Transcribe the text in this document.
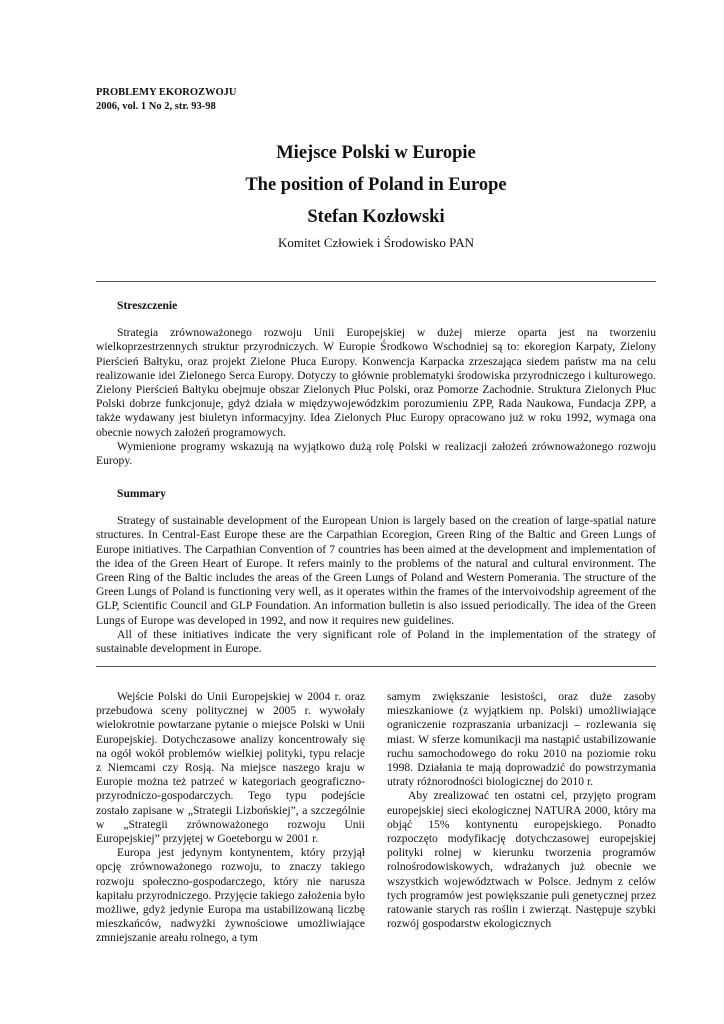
PROBLEMY EKOROZWOJU
2006, vol. 1 No 2, str. 93-98
Miejsce Polski w Europie
The position of Poland in Europe
Stefan Kozłowski
Komitet Człowiek i Środowisko PAN
Streszczenie

Strategia zrównoważonego rozwoju Unii Europejskiej w dużej mierze oparta jest na tworzeniu wielkoprzestrzennych struktur przyrodniczych. W Europie Środkowo Wschodniej są to: ekoregion Karpaty, Zielony Pierścień Bałtyku, oraz projekt Zielone Płuca Europy. Konwencja Karpacka zrzeszająca siedem państw ma na celu realizowanie idei Zielonego Serca Europy. Dotyczy to głównie problematyki środowiska przyrodniczego i kulturowego. Zielony Pierścień Bałtyku obejmuje obszar Zielonych Płuc Polski, oraz Pomorze Zachodnie. Struktura Zielonych Płuc Polski dobrze funkcjonuje, gdyż działa w międzywojewódzkim porozumieniu ZPP, Rada Naukowa, Fundacja ZPP, a także wydawany jest biuletyn informacyjny. Idea Zielonych Płuc Europy opracowano już w roku 1992, wymaga ona obecnie nowych założeń programowych.

Wymienione programy wskazują na wyjątkowo dużą rolę Polski w realizacji założeń zrównoważonego rozwoju Europy.

Summary

Strategy of sustainable development of the European Union is largely based on the creation of large-spatial nature structures. In Central-East Europe these are the Carpathian Ecoregion, Green Ring of the Baltic and Green Lungs of Europe initiatives. The Carpathian Convention of 7 countries has been aimed at the development and implementation of the idea of the Green Heart of Europe. It refers mainly to the problems of the natural and cultural environment. The Green Ring of the Baltic includes the areas of the Green Lungs of Poland and Western Pomerania. The structure of the Green Lungs of Poland is functioning very well, as it operates within the frames of the intervoivodship agreement of the GLP, Scientific Council and GLP Foundation. An information bulletin is also issued periodically. The idea of the Green Lungs of Europe was developed in 1992, and now it requires new guidelines.

All of these initiatives indicate the very significant role of Poland in the implementation of the strategy of sustainable development in Europe.

Wejście Polski do Unii Europejskiej w 2004 r. oraz przebudowa sceny politycznej w 2005 r. wywołały wielokrotnie powtarzane pytanie o miejsce Polski w Unii Europejskiej. Dotychczasowe analizy koncentrowały się na ogół wokół problemów wielkiej polityki, typu relacje z Niemcami czy Rosją. Na miejsce naszego kraju w Europie można też patrzeć w kategoriach geograficzno-przyrodniczo-gospodarczych. Tego typu podejście zostało zapisane w „Strategii Lizbońskiej”, a szczególnie w „Strategii zrównoważonego rozwoju Unii Europejskiej” przyjętej w Goeteborgu w 2001 r.

Europa jest jedynym kontynentem, który przyjął opcję zrównoważonego rozwoju, to znaczy takiego rozwoju społeczno-gospodarczego, który nie narusza kapitału przyrodniczego. Przyjęcie takiego założenia było możliwe, gdyż jedynie Europa ma ustabilizowaną liczbę mieszkańców, nadwyżki żywnościowe umożliwiające zmniejszanie areału rolnego, a tym

samym zwiększanie lesistości, oraz duże zasoby mieszkaniowe (z wyjątkiem np. Polski) umożliwiające ograniczenie rozpraszania urbanizacji – rozlewania się miast. W sferze komunikacji ma nastąpić ustabilizowanie ruchu samochodowego do roku 2010 na poziomie roku 1998. Działania te mają doprowadzić do powstrzymania utraty różnorodności biologicznej do 2010 r.

Aby zrealizować ten ostatni cel, przyjęto program europejskiej sieci ekologicznej NATURA 2000, który ma objąć 15% kontynentu europejskiego. Ponadto rozpoczęto modyfikację dotychczasowej europejskiej polityki rolnej w kierunku tworzenia programów rolnośrodowiskowych, wdrażanych już obecnie we wszystkich województwach w Polsce. Jednym z celów tych programów jest powiększanie puli genetycznej przez ratowanie starych ras roślin i zwierząt. Następuje szybki rozwój gospodarstw ekologicznych
